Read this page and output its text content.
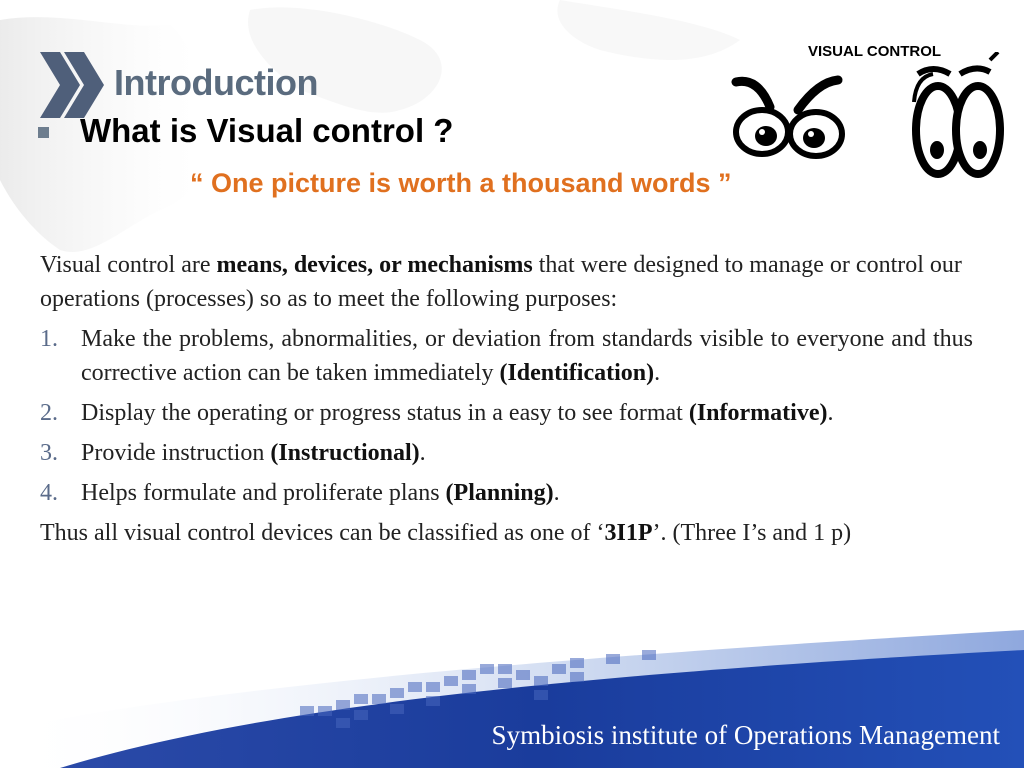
Introduction
What is Visual control ?
“ One picture is worth a thousand words ”
VISUAL CONTROL

Visual control are means, devices, or mechanisms that were designed to manage or control our operations (processes) so as to meet the following purposes:

1. Make the problems, abnormalities, or deviation from standards visible to everyone and thus corrective action can be taken immediately (Identification).
2. Display the operating or progress status in a easy to see format (Informative).
3. Provide instruction (Instructional).
4. Helps formulate and proliferate plans (Planning).

Thus all visual control devices can be classified as one of ‘3I1P’. (Three I’s and 1 p)

Symbiosis institute of Operations Management
